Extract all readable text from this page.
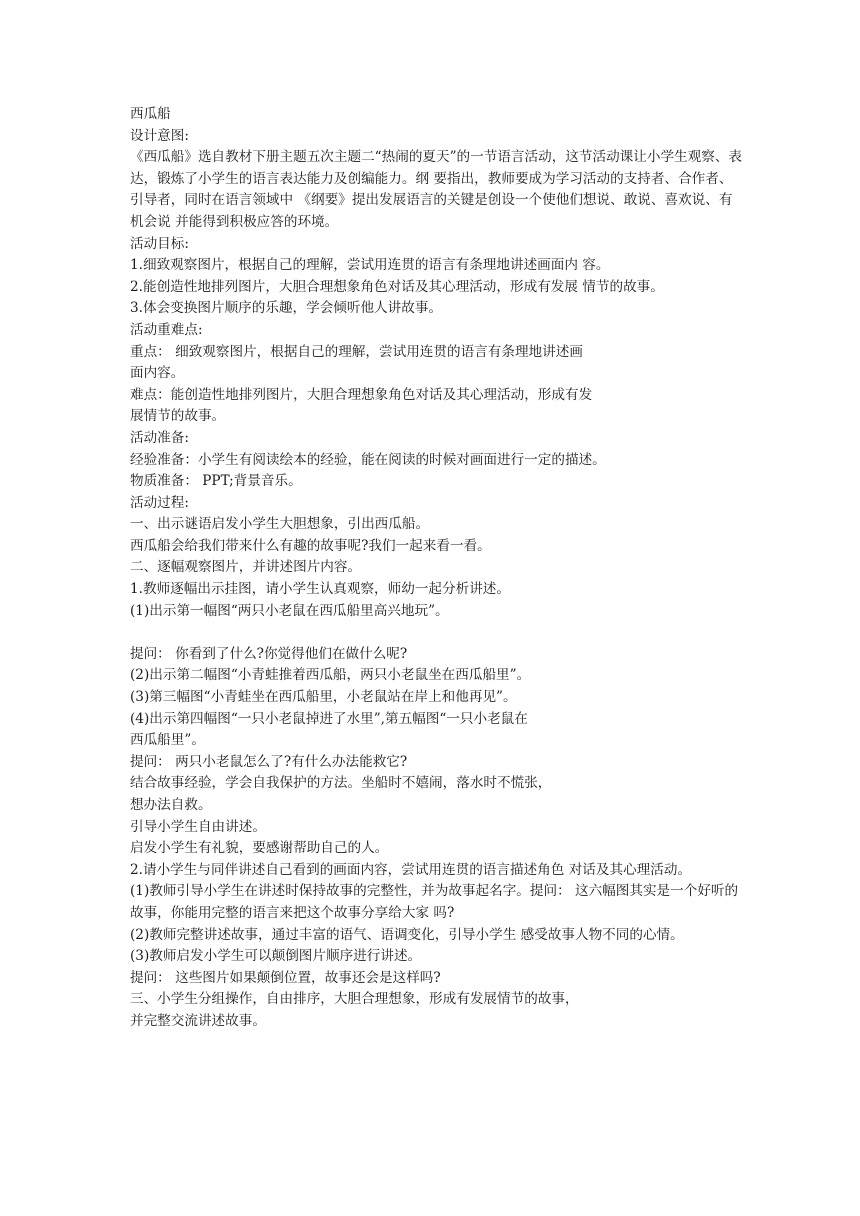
西瓜船

设计意图:

《西瓜船》选自教材下册主题五次主题二“热闹的夏天”的一节语言活动，这节活动课让小学生观察、表达，锻炼了小学生的语言表达能力及创编能力。纲 要指出，教师要成为学习活动的支持者、合作者、引导者，同时在语言领域中 《纲要》提出发展语言的关键是创设一个使他们想说、敢说、喜欢说、有机会说 并能得到积极应答的环境。

活动目标:

1.细致观察图片，根据自己的理解，尝试用连贯的语言有条理地讲述画面内 容。

2.能创造性地排列图片，大胆合理想象角色对话及其心理活动，形成有发展 情节的故事。

3.体会变换图片顺序的乐趣，学会倾听他人讲故事。

活动重难点:

重点： 细致观察图片，根据自己的理解，尝试用连贯的语言有条理地讲述画

面内容。

难点：能创造性地排列图片，大胆合理想象角色对话及其心理活动，形成有发

展情节的故事。

活动准备:

经验准备：小学生有阅读绘本的经验，能在阅读的时候对画面进行一定的描述。

物质准备： PPT;背景音乐。

活动过程:

一、出示谜语启发小学生大胆想象，引出西瓜船。

西瓜船会给我们带来什么有趣的故事呢?我们一起来看一看。

二、逐幅观察图片，并讲述图片内容。

1.教师逐幅出示挂图，请小学生认真观察，师幼一起分析讲述。

(1)出示第一幅图“两只小老鼠在西瓜船里高兴地玩”。

提问： 你看到了什么?你觉得他们在做什么呢?

(2)出示第二幅图“小青蛙推着西瓜船，两只小老鼠坐在西瓜船里”。

(3)第三幅图“小青蛙坐在西瓜船里，小老鼠站在岸上和他再见”。

(4)出示第四幅图“一只小老鼠掉进了水里”,第五幅图“一只小老鼠在

西瓜船里”。

提问： 两只小老鼠怎么了?有什么办法能救它?

结合故事经验，学会自我保护的方法。坐船时不嬉闹，落水时不慌张，

想办法自救。

引导小学生自由讲述。

启发小学生有礼貌，要感谢帮助自己的人。

2.请小学生与同伴讲述自己看到的画面内容，尝试用连贯的语言描述角色 对话及其心理活动。

(1)教师引导小学生在讲述时保持故事的完整性，并为故事起名字。提问： 这六幅图其实是一个好听的故事，你能用完整的语言来把这个故事分享给大家 吗?

(2)教师完整讲述故事，通过丰富的语气、语调变化，引导小学生 感受故事人物不同的心情。

(3)教师启发小学生可以颠倒图片顺序进行讲述。

提问： 这些图片如果颠倒位置，故事还会是这样吗?

三、小学生分组操作，自由排序，大胆合理想象，形成有发展情节的故事，

并完整交流讲述故事。
